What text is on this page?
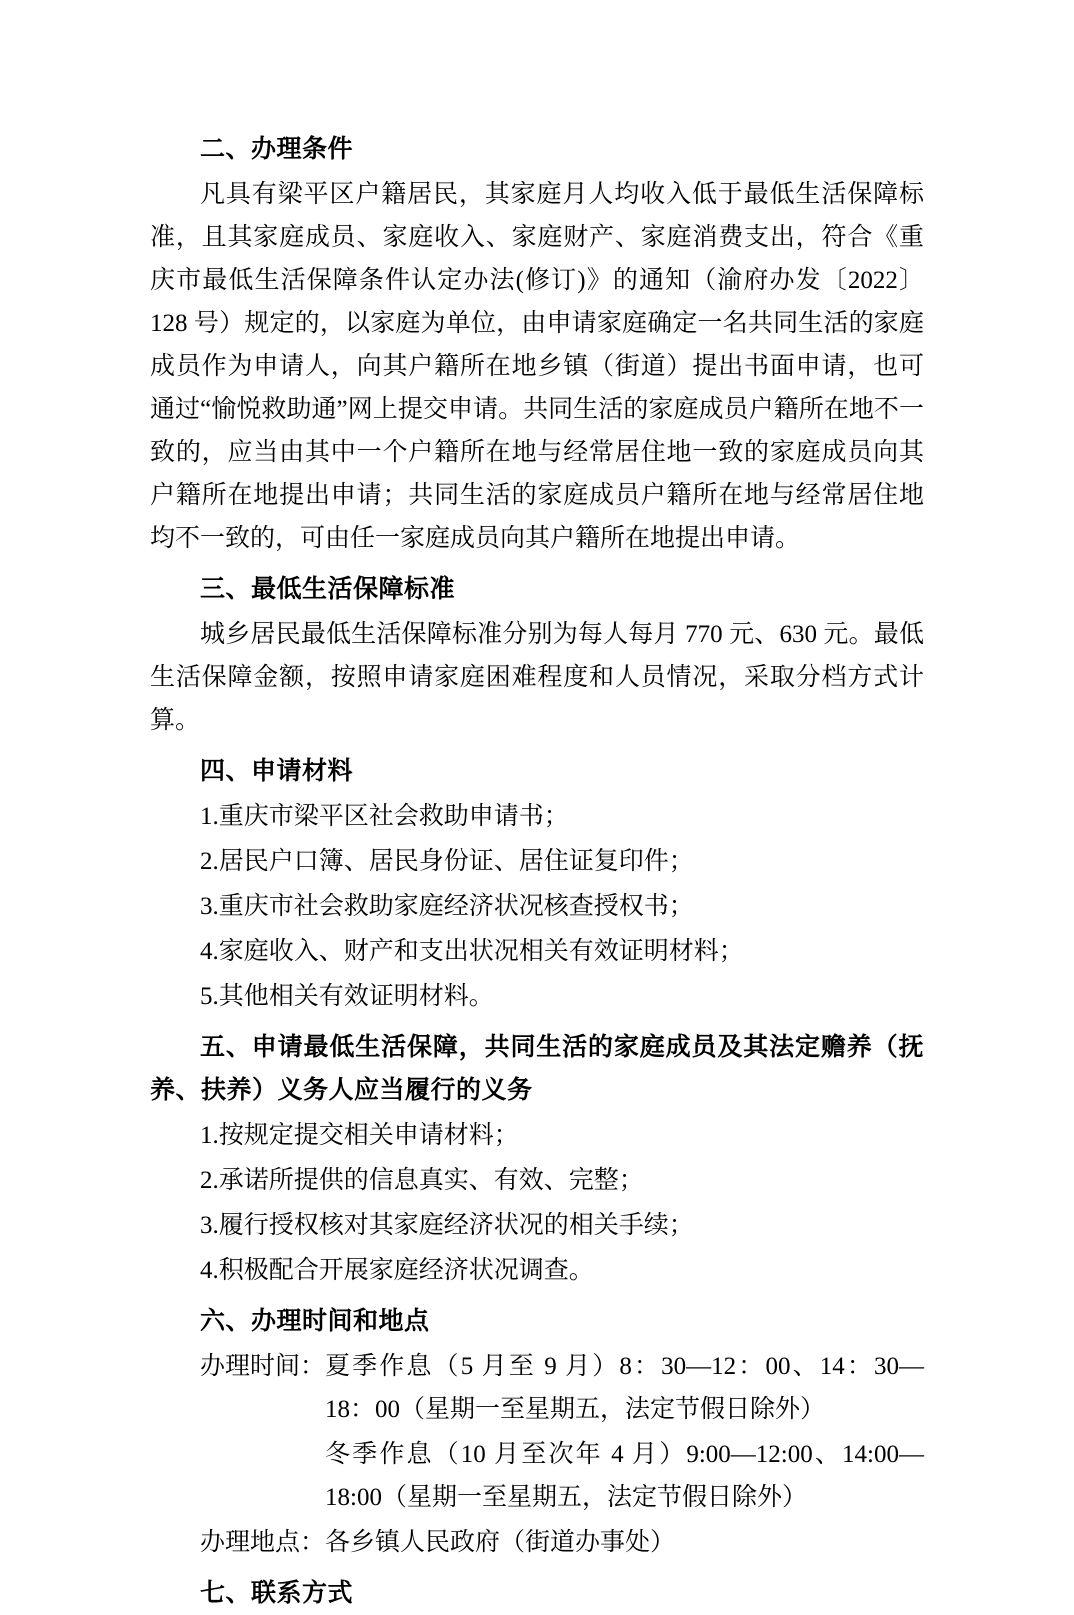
二、办理条件
凡具有梁平区户籍居民，其家庭月人均收入低于最低生活保障标准，且其家庭成员、家庭收入、家庭财产、家庭消费支出，符合《重庆市最低生活保障条件认定办法(修订)》的通知（渝府办发〔2022〕128 号）规定的，以家庭为单位，由申请家庭确定一名共同生活的家庭成员作为申请人，向其户籍所在地乡镇（街道）提出书面申请，也可通过“愉悦救助通”网上提交申请。共同生活的家庭成员户籍所在地不一致的，应当由其中一个户籍所在地与经常居住地一致的家庭成员向其户籍所在地提出申请；共同生活的家庭成员户籍所在地与经常居住地均不一致的，可由任一家庭成员向其户籍所在地提出申请。
三、最低生活保障标准
城乡居民最低生活保障标准分别为每人每月 770 元、630 元。最低生活保障金额，按照申请家庭困难程度和人员情况，采取分档方式计算。
四、申请材料
1.重庆市梁平区社会救助申请书；
2.居民户口簿、居民身份证、居住证复印件；
3.重庆市社会救助家庭经济状况核查授权书；
4.家庭收入、财产和支出状况相关有效证明材料；
5.其他相关有效证明材料。
五、申请最低生活保障，共同生活的家庭成员及其法定赡养（抚养、扶养）义务人应当履行的义务
1.按规定提交相关申请材料；
2.承诺所提供的信息真实、有效、完整；
3.履行授权核对其家庭经济状况的相关手续；
4.积极配合开展家庭经济状况调查。
六、办理时间和地点
办理时间： 夏季作息（5 月至 9 月）8：30—12：00、14：30—18：00（星期一至星期五，法定节假日除外）
冬季作息（10 月至次年 4 月）9:00—12:00、14:00—18:00（星期一至星期五，法定节假日除外）
办理地点： 各乡镇人民政府（街道办事处）
七、联系方式
